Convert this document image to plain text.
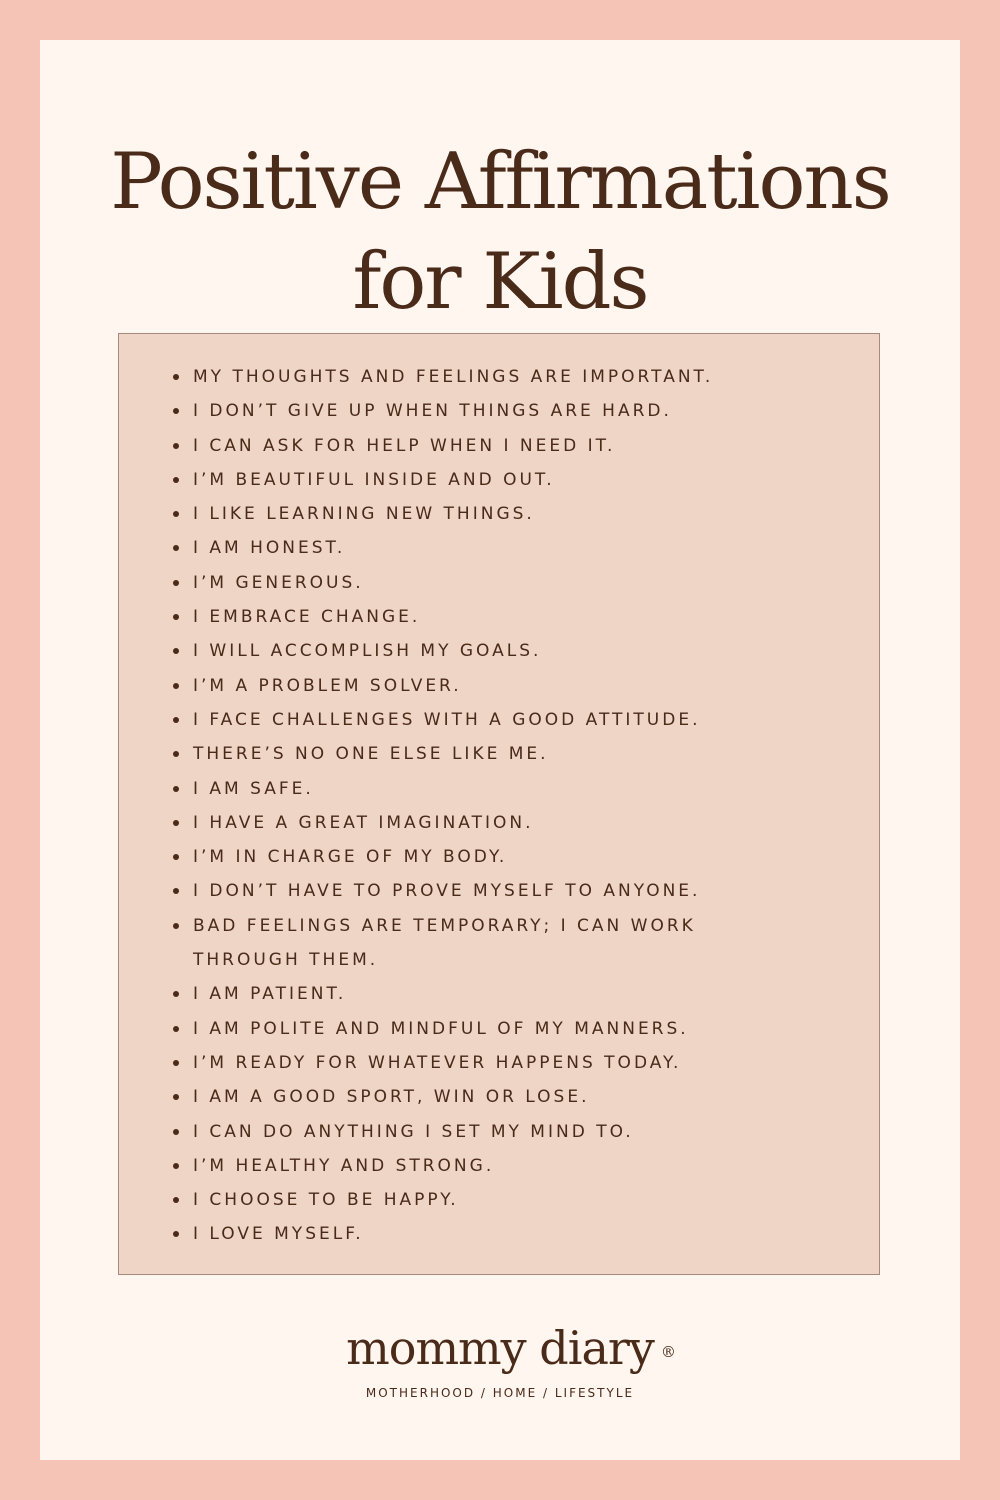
Positive Affirmations
for Kids
MY THOUGHTS AND FEELINGS ARE IMPORTANT.
I DON’T GIVE UP WHEN THINGS ARE HARD.
I CAN ASK FOR HELP WHEN I NEED IT.
I’M BEAUTIFUL INSIDE AND OUT.
I LIKE LEARNING NEW THINGS.
I AM HONEST.
I’M GENEROUS.
I EMBRACE CHANGE.
I WILL ACCOMPLISH MY GOALS.
I’M A PROBLEM SOLVER.
I FACE CHALLENGES WITH A GOOD ATTITUDE.
THERE’S NO ONE ELSE LIKE ME.
I AM SAFE.
I HAVE A GREAT IMAGINATION.
I’M IN CHARGE OF MY BODY.
I DON’T HAVE TO PROVE MYSELF TO ANYONE.
BAD FEELINGS ARE TEMPORARY; I CAN WORK THROUGH THEM.
I AM PATIENT.
I AM POLITE AND MINDFUL OF MY MANNERS.
I’M READY FOR WHATEVER HAPPENS TODAY.
I AM A GOOD SPORT, WIN OR LOSE.
I CAN DO ANYTHING I SET MY MIND TO.
I’M HEALTHY AND STRONG.
I CHOOSE TO BE HAPPY.
I LOVE MYSELF.
mommy diary ®
MOTHERHOOD / HOME / LIFESTYLE
